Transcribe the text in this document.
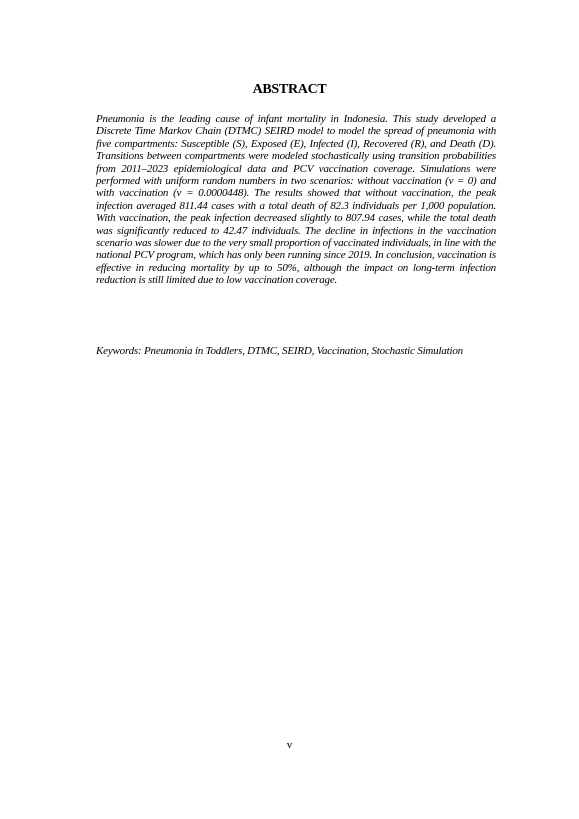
ABSTRACT

Pneumonia is the leading cause of infant mortality in Indonesia. This study developed a Discrete Time Markov Chain (DTMC) SEIRD model to model the spread of pneumonia with five compartments: Susceptible (S), Exposed (E), Infected (I), Recovered (R), and Death (D). Transitions between compartments were modeled stochastically using transition probabilities from 2011–2023 epidemiological data and PCV vaccination coverage. Simulations were performed with uniform random numbers in two scenarios: without vaccination (ν = 0) and with vaccination (ν = 0.0000448). The results showed that without vaccination, the peak infection averaged 811.44 cases with a total death of 82.3 individuals per 1,000 population. With vaccination, the peak infection decreased slightly to 807.94 cases, while the total death was significantly reduced to 42.47 individuals. The decline in infections in the vaccination scenario was slower due to the very small proportion of vaccinated individuals, in line with the national PCV program, which has only been running since 2019. In conclusion, vaccination is effective in reducing mortality by up to 50%, although the impact on long-term infection reduction is still limited due to low vaccination coverage.

Keywords: Pneumonia in Toddlers, DTMC, SEIRD, Vaccination, Stochastic Simulation

v
